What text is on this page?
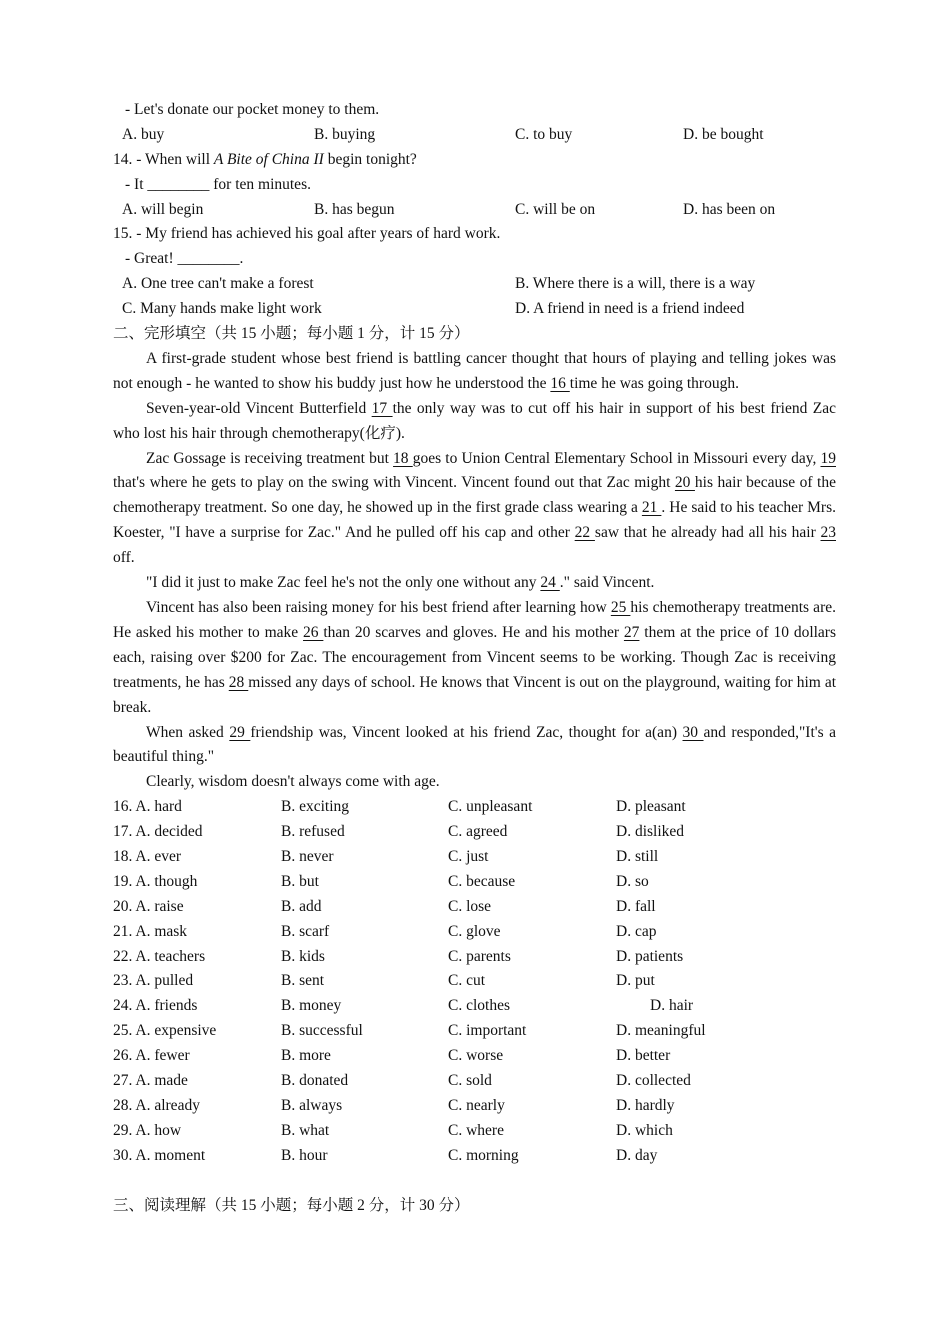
- Let's donate our pocket money to them.
A. buy	B. buying	C. to buy	D. be bought
14. - When will A Bite of China II begin tonight?
- It ________ for ten minutes.
A. will begin	B. has begun	C. will be on	D. has been on
15. - My friend has achieved his goal after years of hard work.
- Great! ________.
A. One tree can't make a forest	B. Where there is a will, there is a way
C. Many hands make light work	D. A friend in need is a friend indeed
二、完形填空（共 15 小题；每小题 1 分，计 15 分）
A first-grade student whose best friend is battling cancer thought that hours of playing and telling jokes was not enough - he wanted to show his buddy just how he understood the 16 time he was going through.
Seven-year-old Vincent Butterfield 17 the only way was to cut off his hair in support of his best friend Zac who lost his hair through chemotherapy(化疗).
Zac Gossage is receiving treatment but 18 goes to Union Central Elementary School in Missouri every day, 19 that's where he gets to play on the swing with Vincent. Vincent found out that Zac might 20 his hair because of the chemotherapy treatment. So one day, he showed up in the first grade class wearing a 21 . He said to his teacher Mrs. Koester, "I have a surprise for Zac." And he pulled off his cap and other 22 saw that he already had all his hair 23 off.
"I did it just to make Zac feel he's not the only one without any 24 ." said Vincent.
Vincent has also been raising money for his best friend after learning how 25 his chemotherapy treatments are. He asked his mother to make 26 than 20 scarves and gloves. He and his mother 27 them at the price of 10 dollars each, raising over $200 for Zac. The encouragement from Vincent seems to be working. Though Zac is receiving treatments, he has 28 missed any days of school. He knows that Vincent is out on the playground, waiting for him at break.
When asked 29 friendship was, Vincent looked at his friend Zac, thought for a(an) 30 and responded,"It's a beautiful thing."
Clearly, wisdom doesn't always come with age.
16. A. hard	B. exciting	C. unpleasant	D. pleasant
17. A. decided	B. refused	C. agreed	D. disliked
18. A. ever	B. never	C. just	D. still
19. A. though	B. but	C. because	D. so
20. A. raise	B. add	C. lose	D. fall
21. A. mask	B. scarf	C. glove	D. cap
22. A. teachers	B. kids	C. parents	D. patients
23. A. pulled	B. sent	C. cut	D. put
24. A. friends	B. money	C. clothes	D. hair
25. A. expensive	B. successful	C. important	D. meaningful
26. A. fewer	B. more	C. worse	D. better
27. A. made	B. donated	C. sold	D. collected
28. A. already	B. always	C. nearly	D. hardly
29. A. how	B. what	C. where	D. which
30. A. moment	B. hour	C. morning	D. day
三、阅读理解（共 15 小题；每小题 2 分，计 30 分）
